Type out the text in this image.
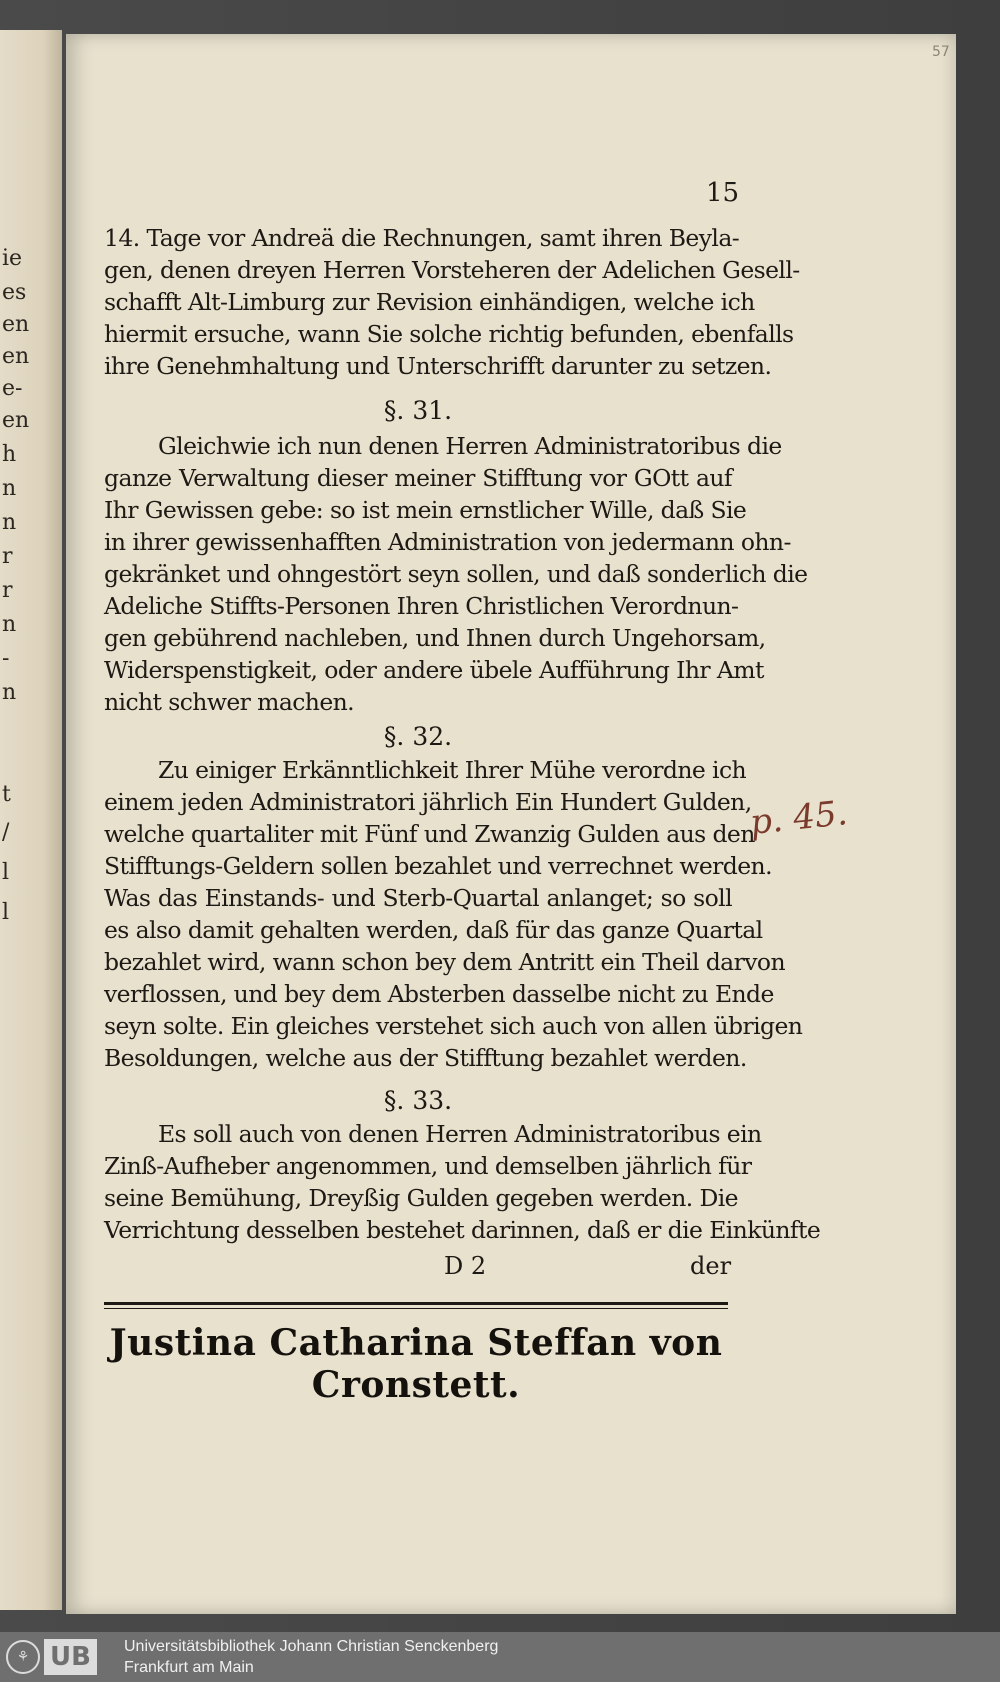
ie
es
en
en
e-
en
h
n
n
r
r
n
-
n
t
/
l
l
57
15
14. Tage vor Andreä die Rechnungen, samt ihren Beyla-
gen, denen dreyen Herren Vorsteheren der Adelichen Gesell-
schafft Alt-Limburg zur Revision einhändigen, welche ich
hiermit ersuche, wann Sie solche richtig befunden, ebenfalls
ihre Genehmhaltung und Unterschrifft darunter zu setzen.
§. 31.
Gleichwie ich nun denen Herren Administratoribus die
ganze Verwaltung dieser meiner Stifftung vor GOtt auf
Ihr Gewissen gebe: so ist mein ernstlicher Wille, daß Sie
in ihrer gewissenhafften Administration von jedermann ohn-
gekränket und ohngestört seyn sollen, und daß sonderlich die
Adeliche Stiffts-Personen Ihren Christlichen Verordnun-
gen gebührend nachleben, und Ihnen durch Ungehorsam,
Widerspenstigkeit, oder andere übele Aufführung Ihr Amt
nicht schwer machen.
§. 32.
Zu einiger Erkänntlichkeit Ihrer Mühe verordne ich
einem jeden Administratori jährlich Ein Hundert Gulden,
welche quartaliter mit Fünf und Zwanzig Gulden aus den
Stifftungs-Geldern sollen bezahlet und verrechnet werden.
Was das Einstands- und Sterb-Quartal anlanget; so soll
es also damit gehalten werden, daß für das ganze Quartal
bezahlet wird, wann schon bey dem Antritt ein Theil darvon
verflossen, und bey dem Absterben dasselbe nicht zu Ende
seyn solte. Ein gleiches verstehet sich auch von allen übrigen
Besoldungen, welche aus der Stifftung bezahlet werden.
§. 33.
Es soll auch von denen Herren Administratoribus ein
Zinß-Aufheber angenommen, und demselben jährlich für
seine Bemühung, Dreyßig Gulden gegeben werden. Die
Verrichtung desselben bestehet darinnen, daß er die Einkünfte
D 2	der
Justina Catharina Steffan von Cronstett.
p. 45.
⚘ UB	Universitätsbibliothek Johann Christian Senckenberg
Frankfurt am Main
